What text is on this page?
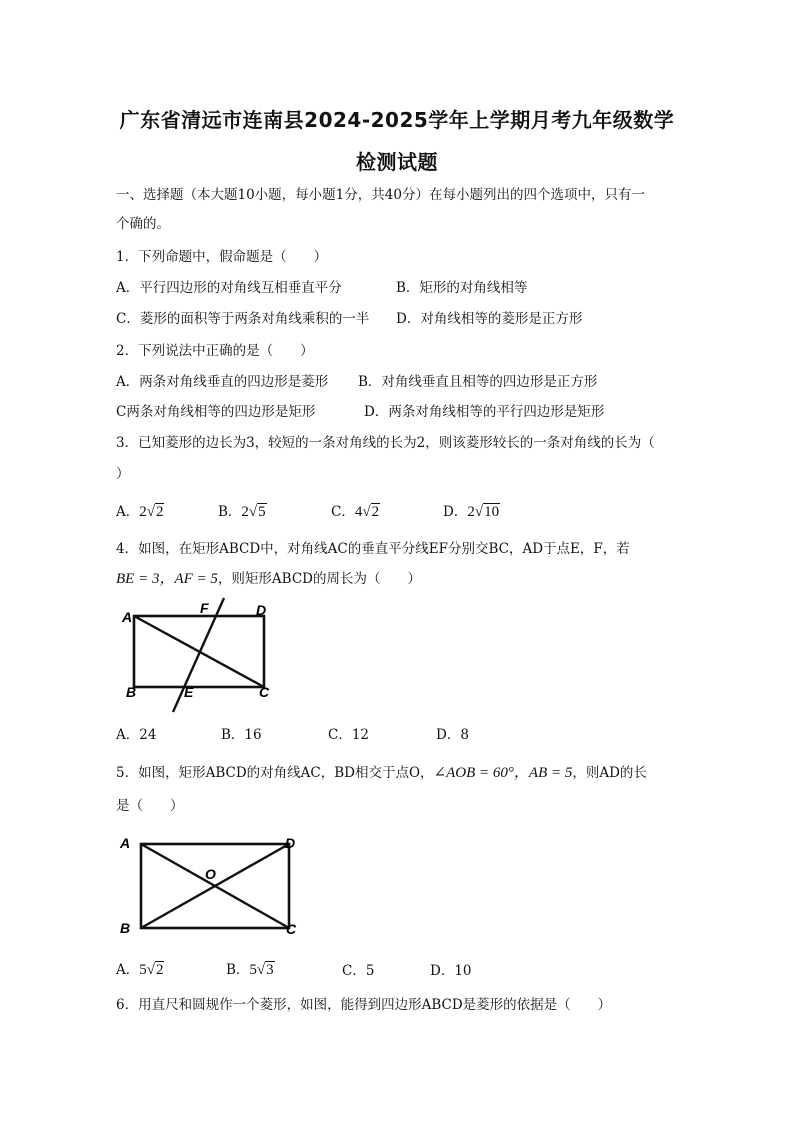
广东省清远市连南县2024-2025学年上学期月考九年级数学
检测试题
一、选择题（本大题10小题，每小题1分，共40分）在每小题列出的四个选项中，只有一
个确的。
1．下列命题中，假命题是（　　）
A．平行四边形的对角线互相垂直平分	B．矩形的对角线相等
C．菱形的面积等于两条对角线乘积的一半 D．对角线相等的菱形是正方形
2．下列说法中正确的是（　　）
A．两条对角线垂直的四边形是菱形 B．对角线垂直且相等的四边形是正方形
C两条对角线相等的四边形是矩形	D．两条对角线相等的平行四边形是矩形
3．已知菱形的边长为3，较短的一条对角线的长为2，则该菱形较长的一条对角线的长为（
）
A．2√2	B．2√5	C．4√2	D．2√10
4．如图，在矩形ABCD中，对角线AC的垂直平分线EF分别交BC，AD于点E，F，若
BE = 3，AF = 5，则矩形ABCD的周长为（　　）
A
F	D
B	E	C
A．24	B．16	C．12	D．8
5．如图，矩形ABCD的对角线AC，BD相交于点O，∠AOB = 60°，AB = 5，则AD的长
是（　　）
A	D
O
B	C
A．5√2	B．5√3	C．5	D．10
6．用直尺和圆规作一个菱形，如图，能得到四边形ABCD是菱形的依据是（　　）
